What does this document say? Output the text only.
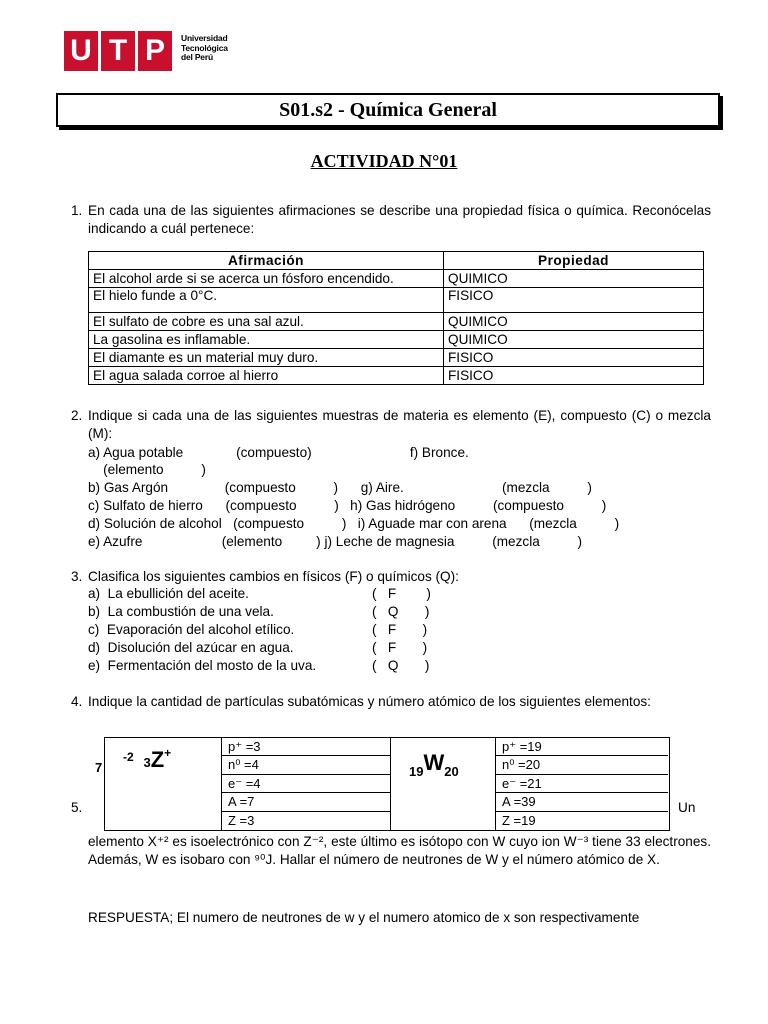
U T P	Universidad
Tecnológica
del Perú
S01.s2 - Química General
ACTIVIDAD N°01
1. En cada una de las siguientes afirmaciones se describe una propiedad física o química. Reconócelas indicando a cuál pertenece:
Afirmación	Propiedad
El alcohol arde si se acerca un fósforo encendido.	QUIMICO
El hielo funde a 0°C.	FISICO
El sulfato de cobre es una sal azul.	QUIMICO
La gasolina es inflamable.	QUIMICO
El diamante es un material muy duro.	FISICO
El agua salada corroe al hierro	FISICO
2. Indique si cada una de las siguientes muestras de materia es elemento (E), compuesto (C) o mezcla (M):
a) Agua potable              (compuesto)                          f) Bronce.
(elemento          )
b) Gas Argón               (compuesto          )      g) Aire.                          (mezcla          )
c) Sulfato de hierro      (compuesto          )   h) Gas hidrógeno          (compuesto          )
d) Solución de alcohol   (compuesto          )   i) Aguade mar con arena      (mezcla          )
e) Azufre                     (elemento         ) j) Leche de magnesia          (mezcla          )
3. Clasifica los siguientes cambios en físicos (F) o químicos (Q):
a)  La ebullición del aceite.	(   F        )
b)  La combustión de una vela.	(   Q       )
c)  Evaporación del alcohol etílico.	(   F       )
d)  Disolución del azúcar en agua.	(   F       )
e)  Fermentación del mosto de la uva.	(   Q       )
4. Indique la cantidad de partículas subatómicas y número atómico de los siguientes elementos:
7
-2 3Z+	p⁺ =3
n⁰ =4
e⁻ =4
A =7
Z =3
19W20
p⁺ =19
n⁰ =20
e⁻ =21
A =39
Z =19
5.	Un
elemento X⁺² es isoelectrónico con Z⁻², este último es isótopo con W cuyo ion W⁻³ tiene 33 electrones. Además, W es isobaro con ⁹⁰J. Hallar el número de neutrones de W y el número atómico de X.
RESPUESTA; El numero de neutrones de w y el numero atomico de x son respectivamente
